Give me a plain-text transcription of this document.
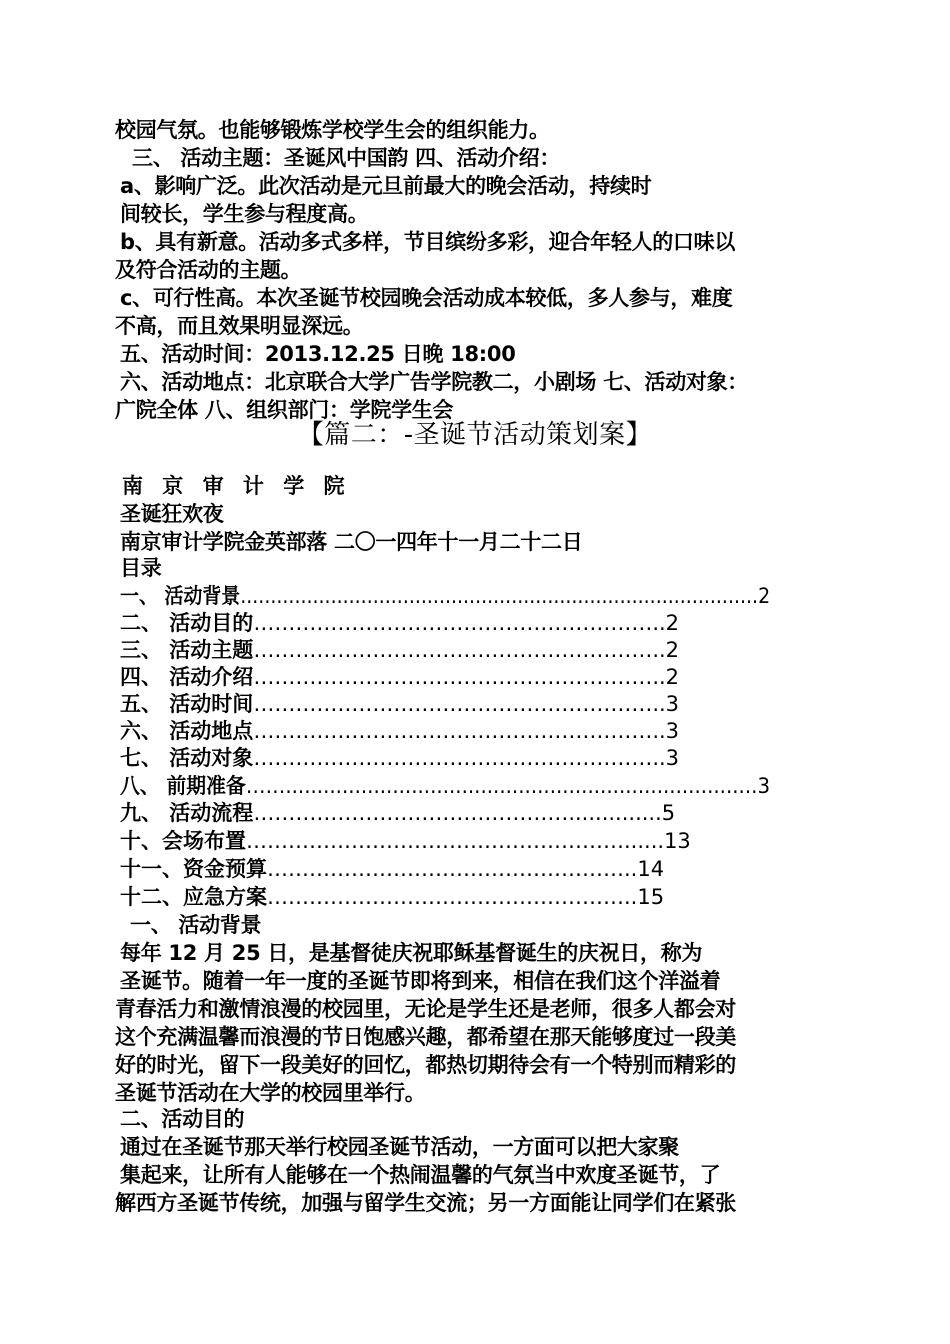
校园气氛。也能够锻炼学校学生会的组织能力。
三、 活动主题：圣诞风中国韵 四、活动介绍：
a、影响广泛。此次活动是元旦前最大的晚会活动，持续时
间较长，学生参与程度高。
b、具有新意。活动多式多样，节目缤纷多彩，迎合年轻人的口味以
及符合活动的主题。
c、可行性高。本次圣诞节校园晚会活动成本较低，多人参与，难度
不高，而且效果明显深远。
五、活动时间：2013.12.25 日晚 18:00
六、活动地点：北京联合大学广告学院教二，小剧场 七、活动对象：
广院全体 八、组织部门：学院学生会
【篇二：-圣诞节活动策划案】
南 京 审 计 学 院
圣诞狂欢夜
南京审计学院金英部落 二〇一四年十一月二十二日
目录
一、 活动背景 ...................................................................................... 2
二、 活动目的 ………………………………………………….. 2
三、 活动主题 ………………………………………………….. 2
四、 活动介绍 ………………………………………………….. 2
五、 活动时间 ………………………………………………….. 3
六、 活动地点 ………………………………………………….. 3
七、 活动对象 ………………………………………………….. 3
八、 前期准备 ……........................................................................... 3
九、 活动流程 ……………………………………….............. 5
十、会场布置 ………………………………………………...... 13
十一、资金预算 …………………………………………….. 14
十二、应急方案 …………………………………………….. 15
一、 活动背景
每年 12 月 25 日，是基督徒庆祝耶稣基督诞生的庆祝日，称为
圣诞节。随着一年一度的圣诞节即将到来，相信在我们这个洋溢着
青春活力和激情浪漫的校园里，无论是学生还是老师，很多人都会对
这个充满温馨而浪漫的节日饱感兴趣，都希望在那天能够度过一段美
好的时光，留下一段美好的回忆，都热切期待会有一个特别而精彩的
圣诞节活动在大学的校园里举行。
二、活动目的
通过在圣诞节那天举行校园圣诞节活动，一方面可以把大家聚
集起来，让所有人能够在一个热闹温馨的气氛当中欢度圣诞节，了
解西方圣诞节传统，加强与留学生交流；另一方面能让同学们在紧张
